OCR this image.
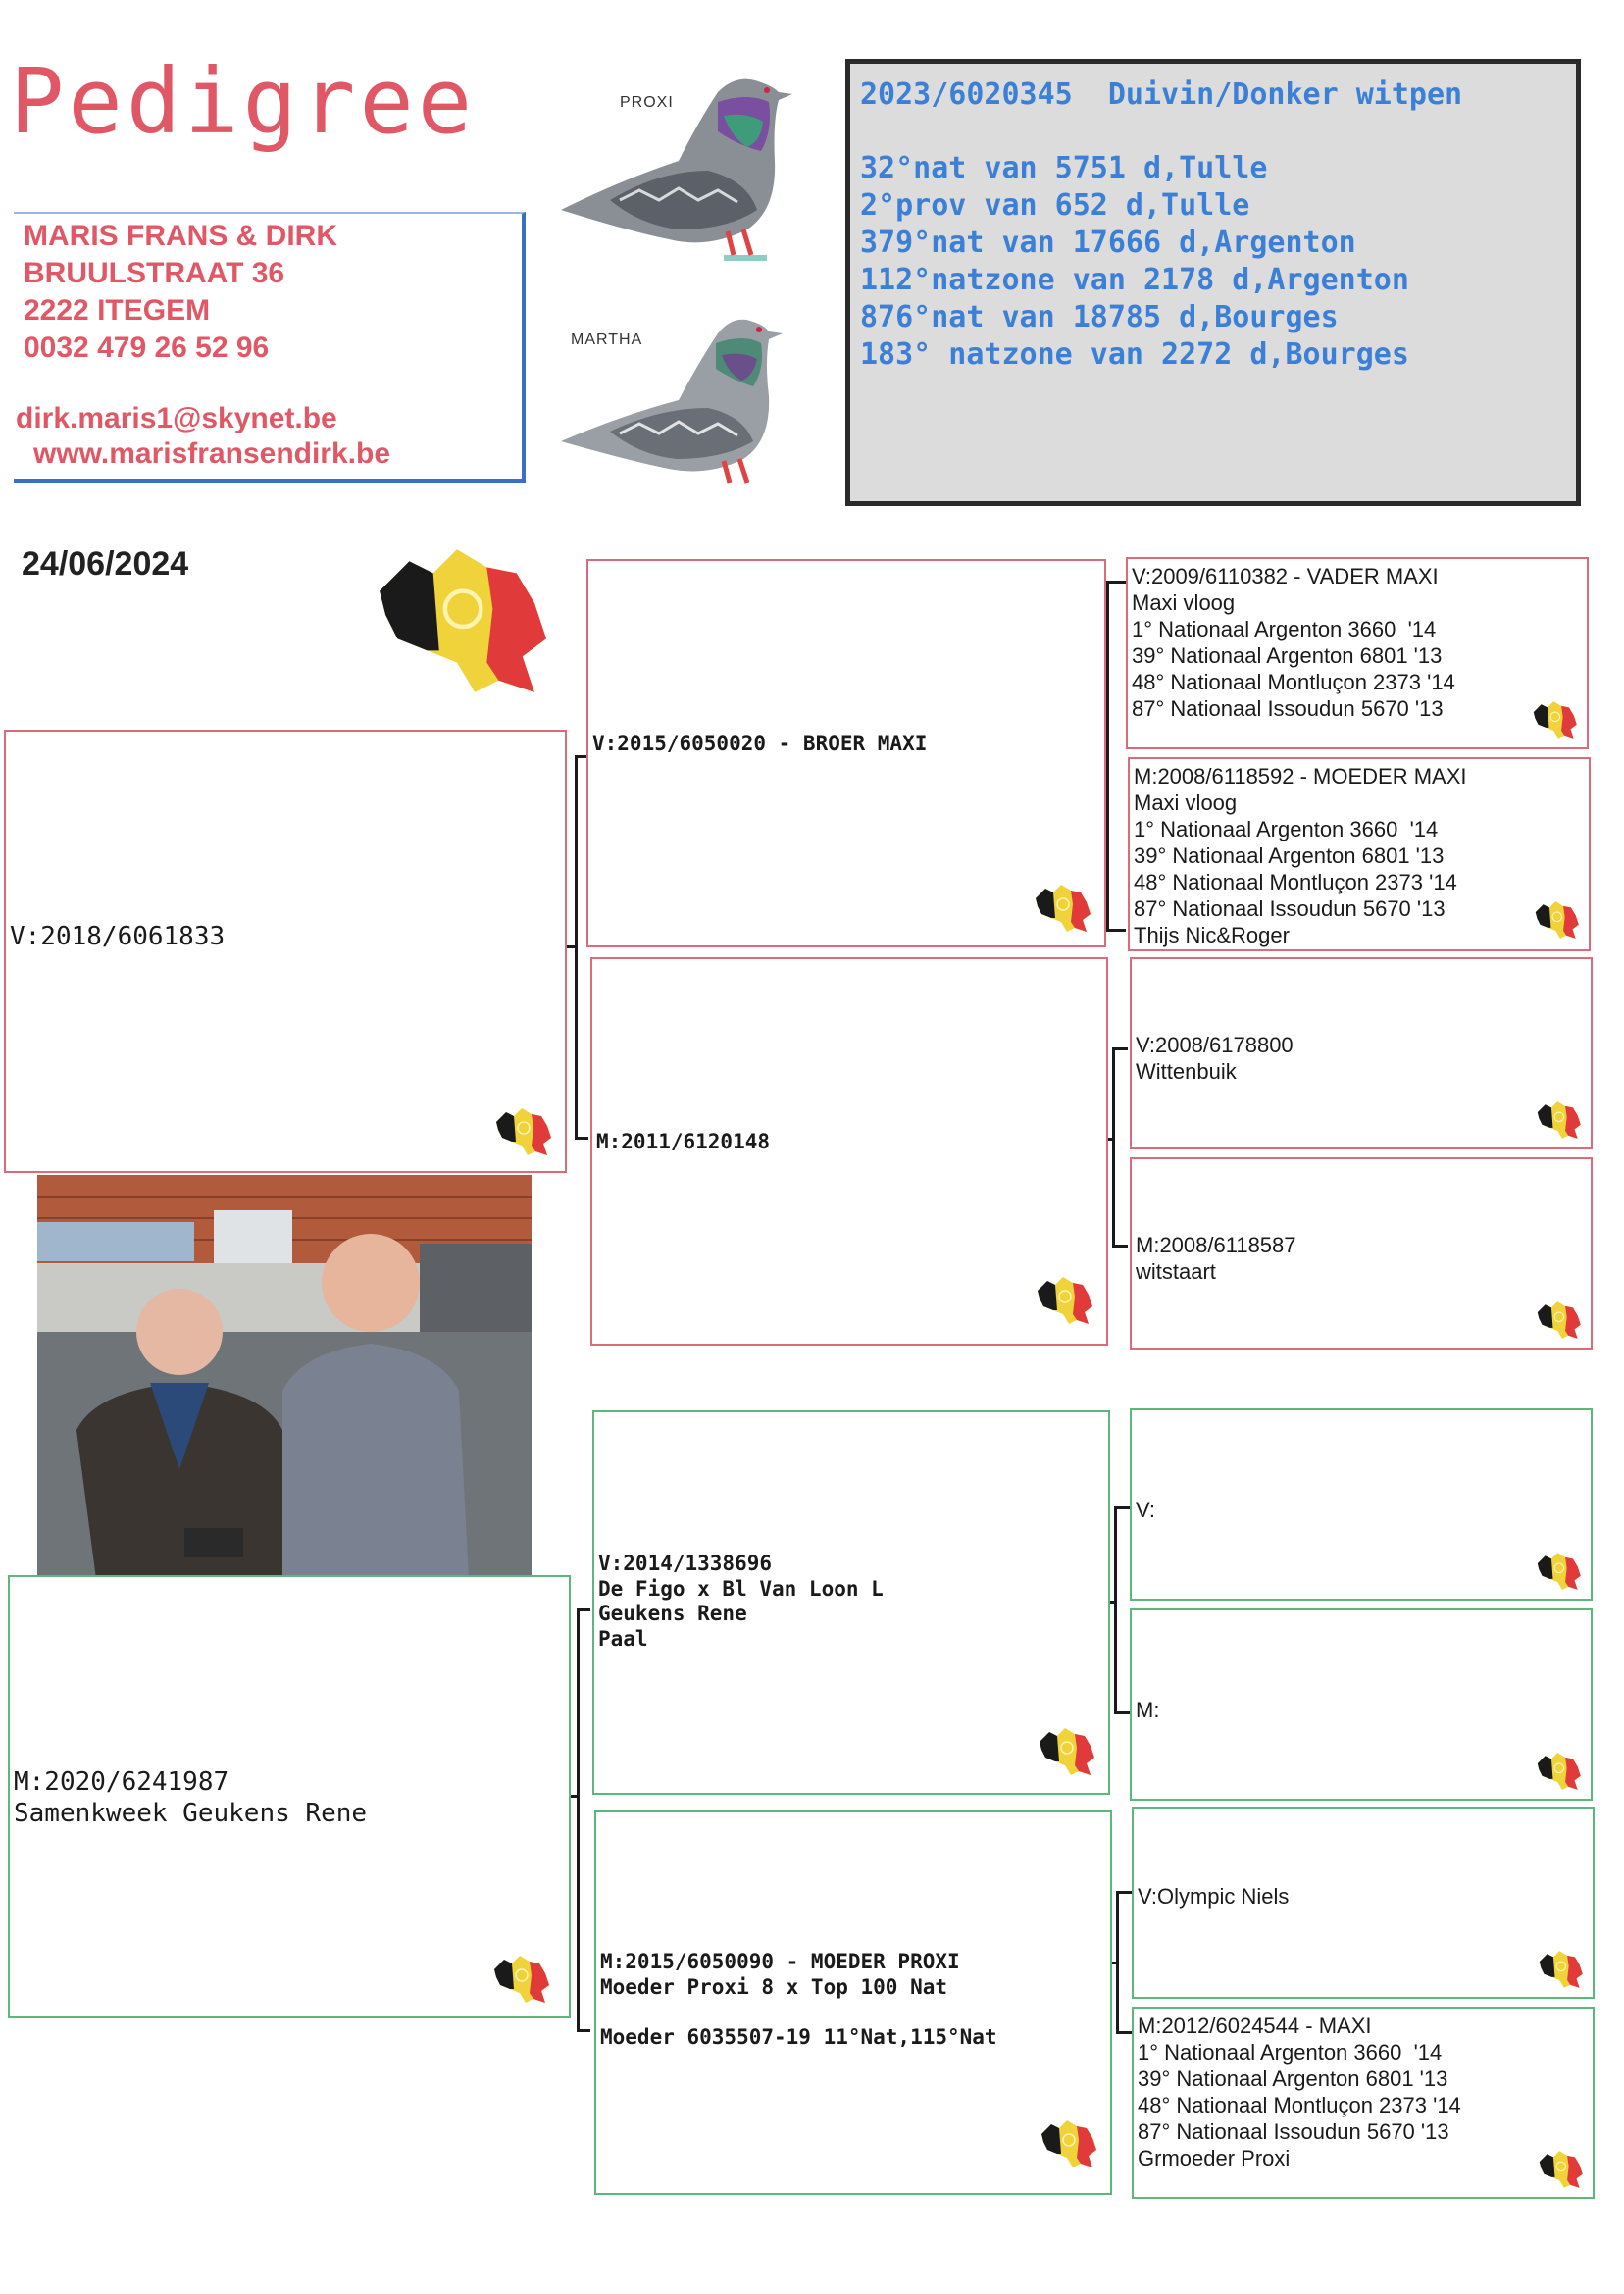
Pedigree
MARIS FRANS & DIRK
BRUULSTRAAT 36
2222 ITEGEM
0032 479 26 52 96
dirk.maris1@skynet.be
www.marisfransendirk.be
PROXI
MARTHA
2023/6020345 Duivin/Donker witpen
32°nat van 5751 d,Tulle
2°prov van 652 d,Tulle
379°nat van 17666 d,Argenton
112°natzone van 2178 d,Argenton
876°nat van 18785 d,Bourges
183° natzone van 2272 d,Bourges
24/06/2024
V:2018/6061833
M:2020/6241987
Samenkweek Geukens Rene
V:2015/6050020 - BROER MAXI
M:2011/6120148
V:2014/1338696
De Figo x Bl Van Loon L
Geukens Rene
Paal
M:2015/6050090 - MOEDER PROXI
Moeder Proxi 8 x Top 100 Nat

Moeder 6035507-19 11°Nat,115°Nat
V:2009/6110382 - VADER MAXI
Maxi vloog
1° Nationaal Argenton 3660  '14
39° Nationaal Argenton 6801 '13
48° Nationaal Montluçon 2373 '14
87° Nationaal Issoudun 5670 '13
M:2008/6118592 - MOEDER MAXI
Maxi vloog
1° Nationaal Argenton 3660  '14
39° Nationaal Argenton 6801 '13
48° Nationaal Montluçon 2373 '14
87° Nationaal Issoudun 5670 '13
Thijs Nic&Roger
V:2008/6178800
Wittenbuik
M:2008/6118587
witstaart
V:
M:
V:Olympic Niels
M:2012/6024544 - MAXI
1° Nationaal Argenton 3660  '14
39° Nationaal Argenton 6801 '13
48° Nationaal Montluçon 2373 '14
87° Nationaal Issoudun 5670 '13
Grmoeder Proxi
